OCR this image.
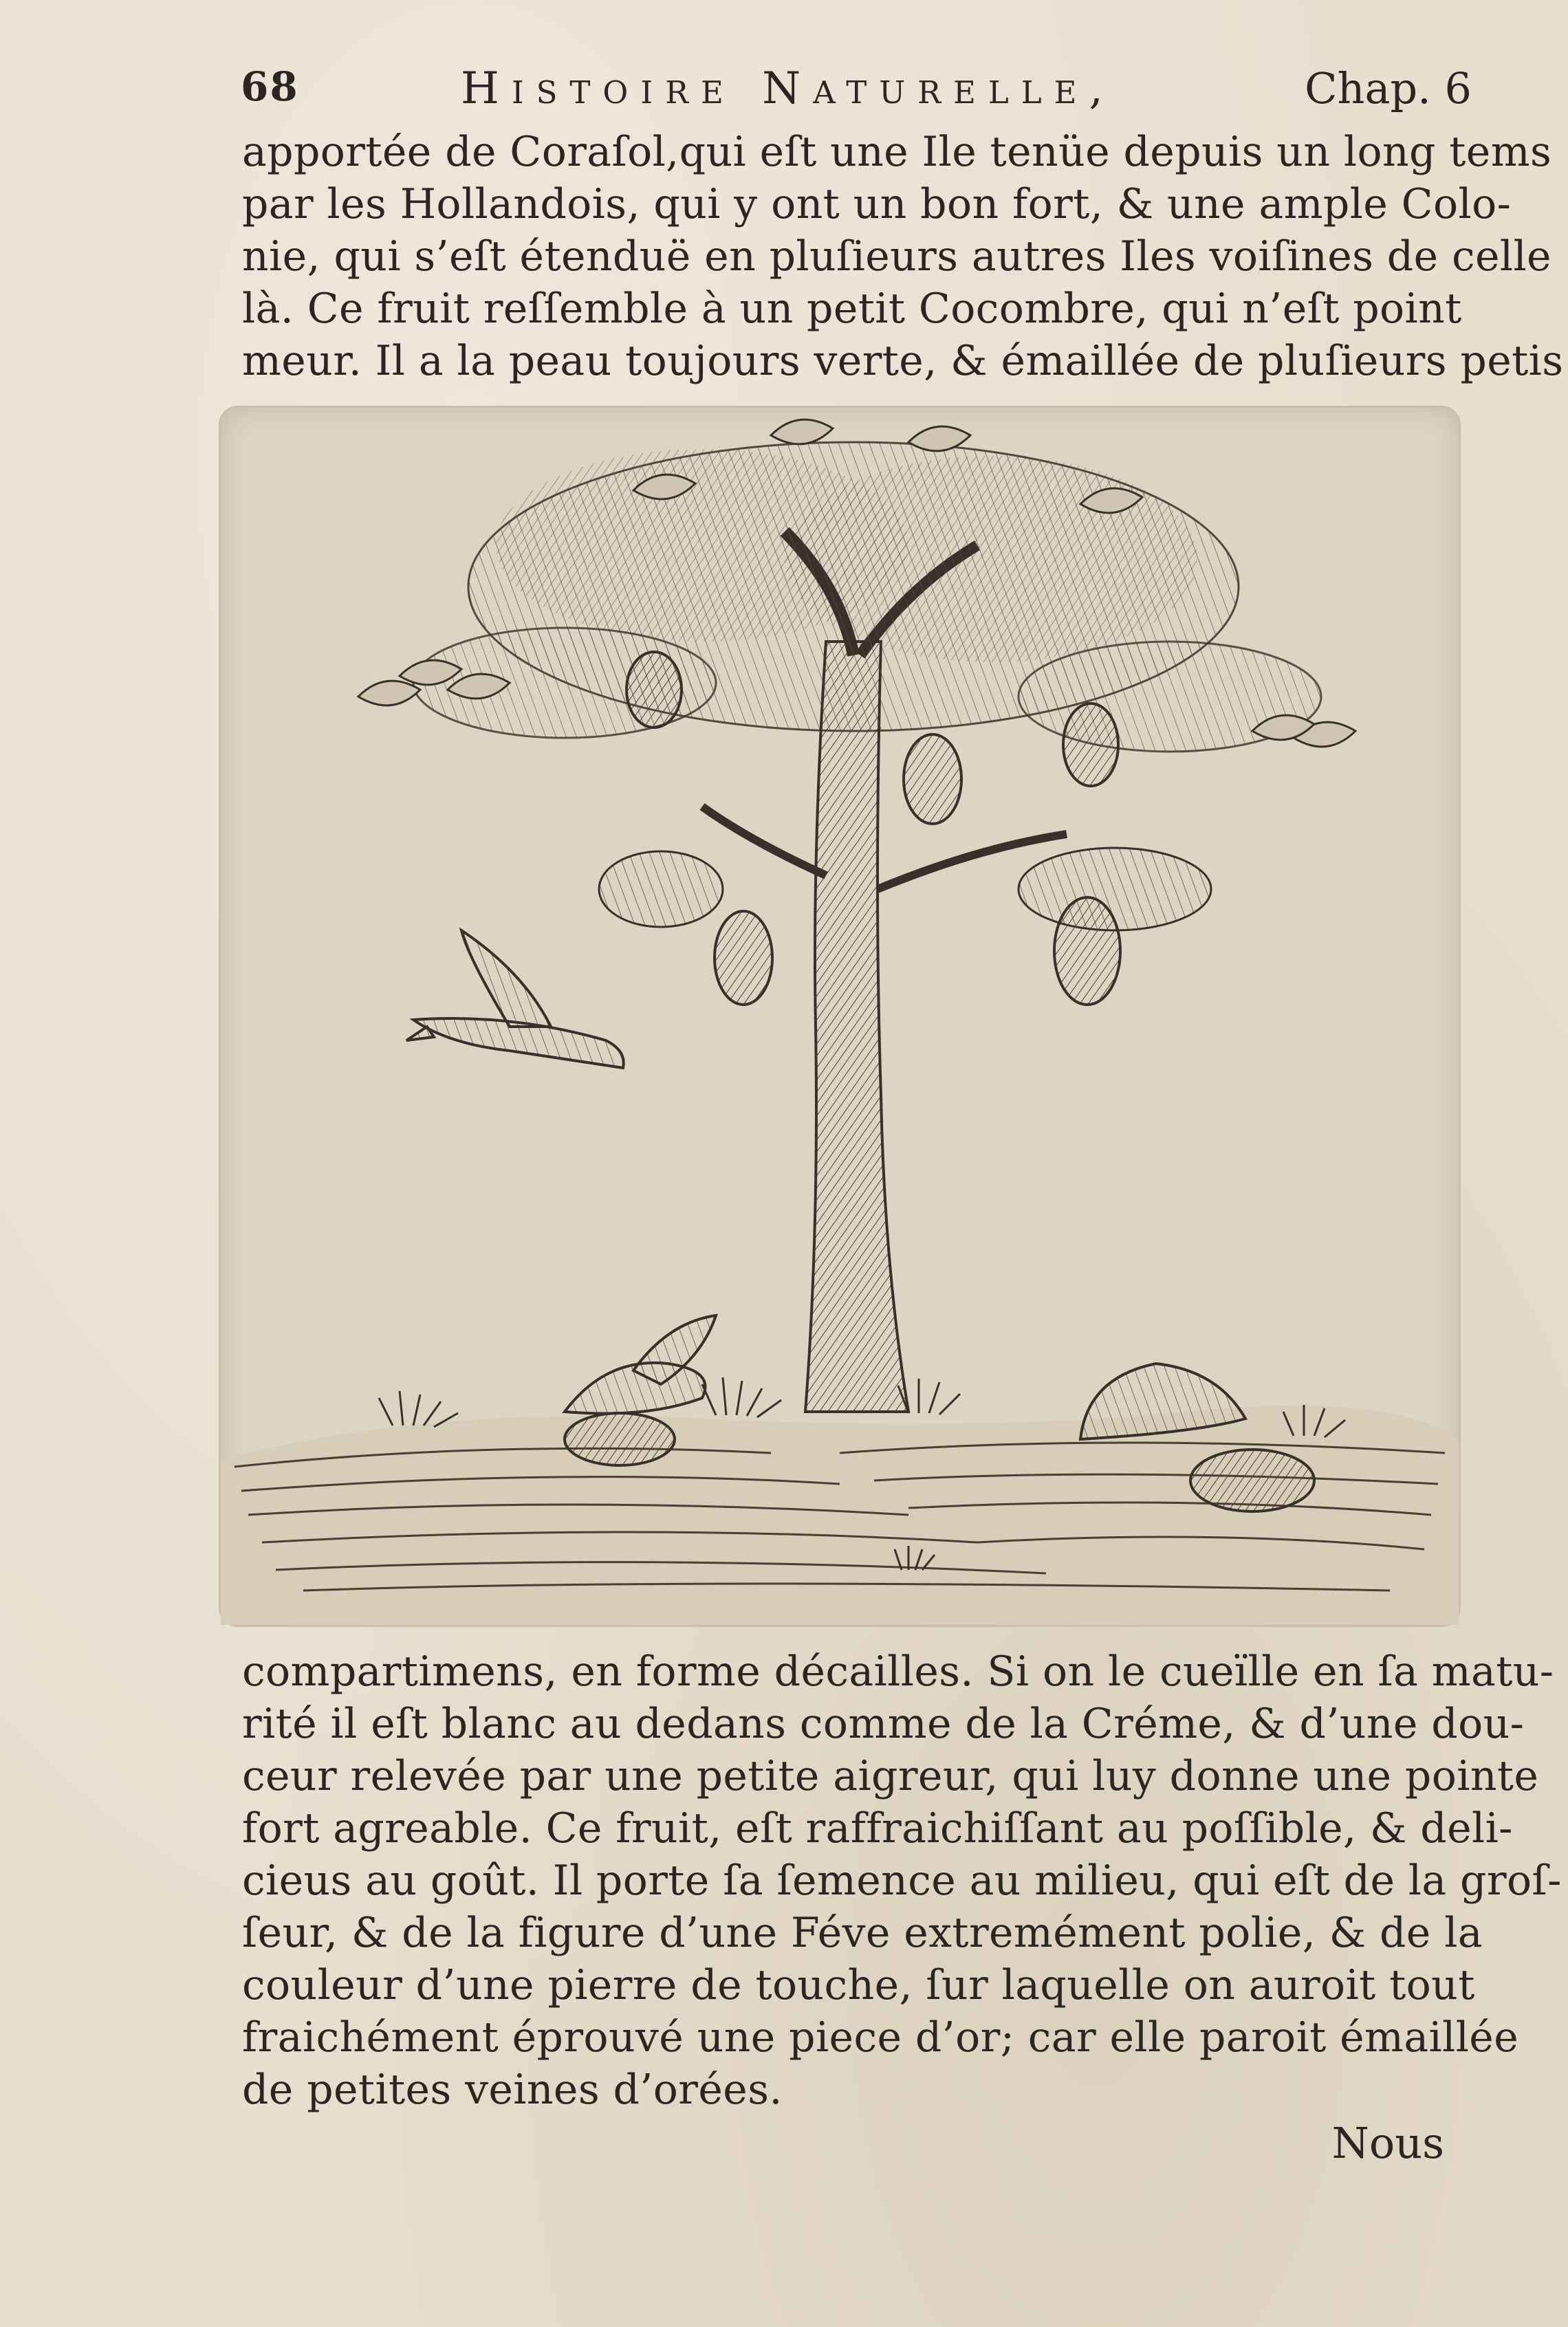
68	Histoire Naturelle,	Chap. 6
apportée de Coraſol,qui eſt une Ile tenüe depuis un long tems
par les Hollandois, qui y ont un bon fort, & une ample Colo-
nie, qui s’eſt étenduë en pluſieurs autres Iles voiſines de celle
là. Ce fruit reſſemble à un petit Cocombre, qui n’eſt point
meur. Il a la peau toujours verte, & émaillée de pluſieurs petis
compartimens, en forme décailles. Si on le cueïlle en ſa matu-
rité il eſt blanc au dedans comme de la Créme, & d’une dou-
ceur relevée par une petite aigreur, qui luy donne une pointe
fort agreable. Ce fruit, eſt raffraichiſſant au poſſible, & deli-
cieus au goût. Il porte ſa ſemence au milieu, qui eſt de la groſ-
ſeur, & de la figure d’une Féve extremément polie, & de la
couleur d’une pierre de touche, ſur laquelle on auroit tout
fraichément éprouvé une piece d’or; car elle paroit émaillée
de petites veines d’orées.
Nous
